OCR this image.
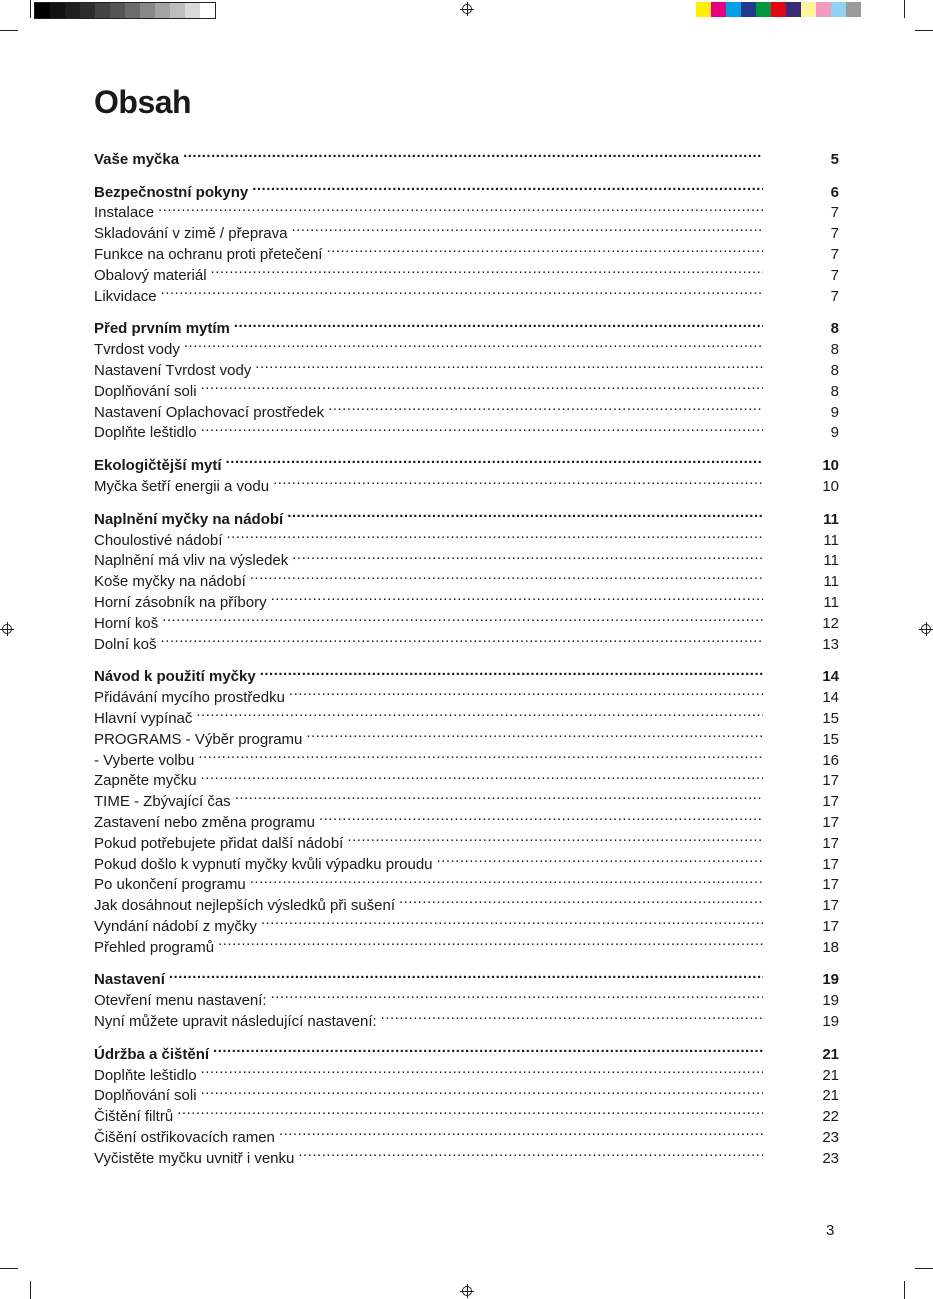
Obsah
Vaše myčka .....	5
Bezpečnostní pokyny .....	6
Instalace .....	7
Skladování v zimě / přeprava .....	7
Funkce na ochranu proti přetečení .....	7
Obalový materiál .....	7
Likvidace .....	7
Před prvním mytím .....	8
Tvrdost vody .....	8
Nastavení Tvrdost vody .....	8
Doplňování soli .....	8
Nastavení Oplachovací prostředek .....	9
Doplňte leštidlo .....	9
Ekologičtější mytí .....	10
Myčka šetří energii a vodu .....	10
Naplnění myčky na nádobí .....	11
Choulostivé nádobí .....	11
Naplnění má vliv na výsledek .....	11
Koše myčky na nádobí .....	11
Horní zásobník na příbory .....	11
Horní koš .....	12
Dolní koš .....	13
Návod k použití myčky .....	14
Přidávání mycího prostředku .....	14
Hlavní vypínač .....	15
PROGRAMS - Výběr programu .....	15
- Vyberte volbu .....	16
Zapněte myčku .....	17
TIME - Zbývající čas .....	17
Zastavení nebo změna programu .....	17
Pokud potřebujete přidat další nádobí .....	17
Pokud došlo k vypnutí myčky kvůli výpadku proudu .....	17
Po ukončení programu .....	17
Jak dosáhnout nejlepších výsledků při sušení .....	17
Vyndání nádobí z myčky .....	17
Přehled programů .....	18
Nastavení .....	19
Otevření menu nastavení: .....	19
Nyní můžete upravit následující nastavení: .....	19
Údržba a čištění .....	21
Doplňte leštidlo .....	21
Doplňování soli .....	21
Čištění filtrů .....	22
Čišění ostřikovacích ramen .....	23
Vyčistěte myčku uvnitř i venku .....	23
3
